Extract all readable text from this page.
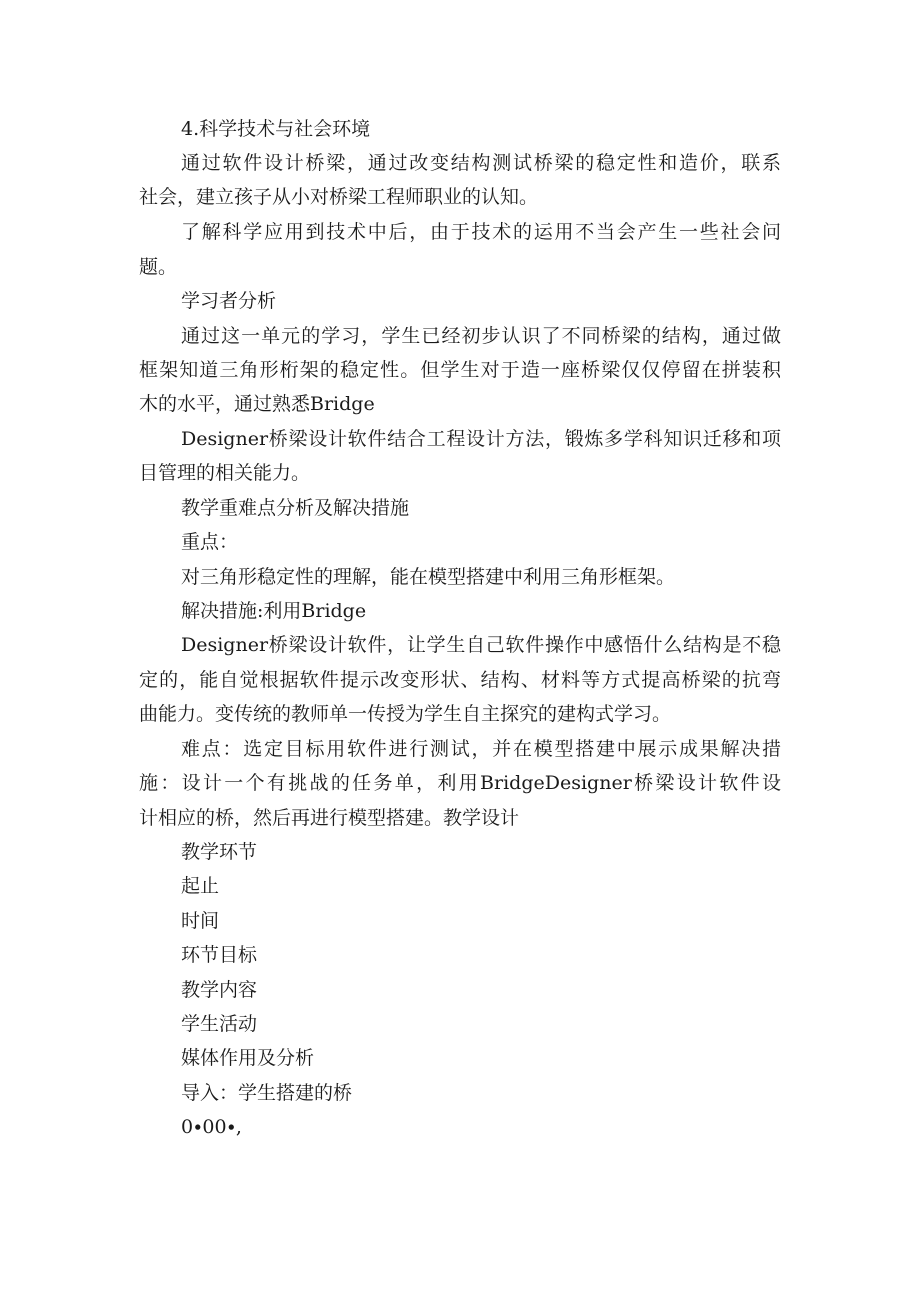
4.科学技术与社会环境
通过软件设计桥梁，通过改变结构测试桥梁的稳定性和造价，联系
社会，建立孩子从小对桥梁工程师职业的认知。
了解科学应用到技术中后，由于技术的运用不当会产生一些社会问
题。
学习者分析
通过这一单元的学习，学生已经初步认识了不同桥梁的结构，通过做
框架知道三角形桁架的稳定性。但学生对于造一座桥梁仅仅停留在拼装积
木的水平，通过熟悉Bridge
Designer桥梁设计软件结合工程设计方法，锻炼多学科知识迁移和项
目管理的相关能力。
教学重难点分析及解决措施
重点：
对三角形稳定性的理解，能在模型搭建中利用三角形框架。
解决措施:利用Bridge
Designer桥梁设计软件，让学生自己软件操作中感悟什么结构是不稳
定的，能自觉根据软件提示改变形状、结构、材料等方式提高桥梁的抗弯
曲能力。变传统的教师单一传授为学生自主探究的建构式学习。
难点：选定目标用软件进行测试，并在模型搭建中展示成果解决措
施：设计一个有挑战的任务单，利用BridgeDesigner桥梁设计软件设
计相应的桥，然后再进行模型搭建。教学设计
教学环节
起止
时间
环节目标
教学内容
学生活动
媒体作用及分析
导入：学生搭建的桥
0∙00∙,
